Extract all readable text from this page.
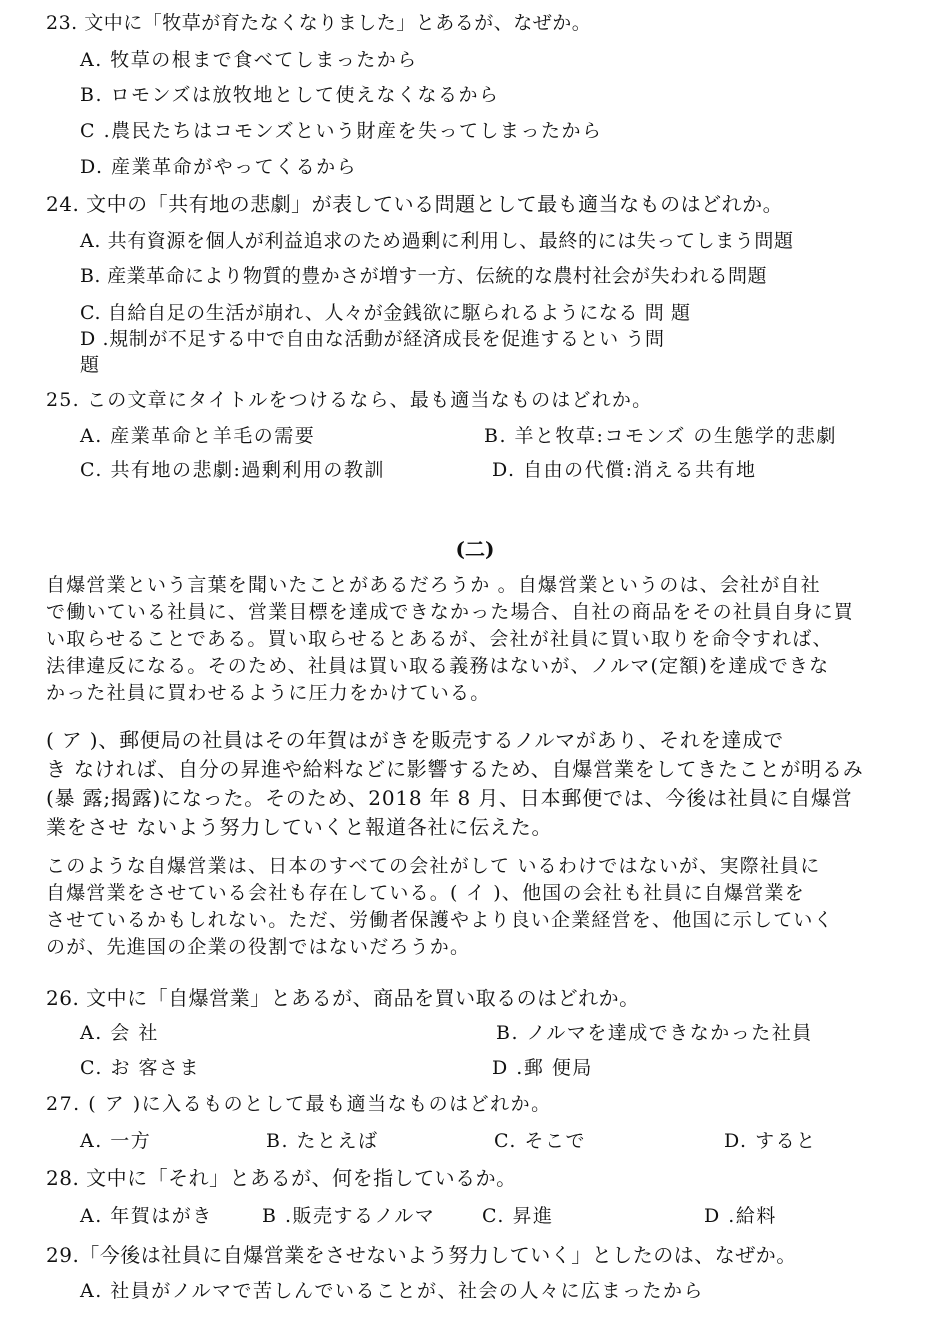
23. 文中に「牧草が育たなくなりました」とあるが、なぜか。
A. 牧草の根まで食べてしまったから
B. ロモンズは放牧地として使えなくなるから
C .農民たちはコモンズという財産を失ってしまったから
D. 産業革命がやってくるから
24. 文中の「共有地の悲劇」が表している問題として最も適当なものはどれか。
A. 共有資源を個人が利益追求のため過剰に利用し、最終的には失ってしまう問題
B. 産業革命により物質的豊かさが増す一方、伝統的な農村社会が失われる問題
C. 自給自足の生活が崩れ、人々が金銭欲に駆られるようになる 問 題
D .規制が不足する中で自由な活動が経済成長を促進するとい う問
題
25. この文章にタイトルをつけるなら、最も適当なものはどれか。
A. 産業革命と羊毛の需要	B. 羊と牧草:コモンズ の生態学的悲劇
C. 共有地の悲劇:過剰利用の教訓	D. 自由の代償:消える共有地
(二)

自爆営業という言葉を聞いたことがあるだろうか 。自爆営業というのは、会社が自社

で働いている社員に、営業目標を達成できなかった場合、自社の商品をその社員自身に買

い取らせることである。買い取らせるとあるが、会社が社員に買い取りを命令すれば、

法律違反になる。そのため、社員は買い取る義務はないが、ノルマ(定額)を達成できな

かった社員に買わせるように圧力をかけている。

( ア )、郵便局の社員はその年賀はがきを販売するノルマがあり、それを達成で

き なければ、自分の昇進や給料などに影響するため、自爆営業をしてきたことが明るみ

(暴 露;揭露)になった。そのため、2018 年 8 月、日本郵便では、今後は社員に自爆営

業をさせ ないよう努力していくと報道各社に伝えた。

このような自爆営業は、日本のすべての会社がして いるわけではないが、実際社員に

自爆営業をさせている会社も存在している。( イ )、他国の会社も社員に自爆営業を

させているかもしれない。ただ、労働者保護やより良い企業経営を、他国に示していく

のが、先進国の企業の役割ではないだろうか。

26. 文中に「自爆営業」とあるが、商品を買い取るのはどれか。
A. 会 社	B. ノルマを達成できなかった社員
C. お 客さま	D .郵 便局
27. ( ア )に入るものとして最も適当なものはどれか。
A. 一方	B. たとえば	C. そこで	D. すると
28. 文中に「それ」とあるが、何を指しているか。
A. 年賀はがき	B .販売するノルマ C. 昇進	D .給料
29.「今後は社員に自爆営業をさせないよう努力していく」としたのは、なぜか。
A. 社員がノルマで苦しんでいることが、社会の人々に広まったから
